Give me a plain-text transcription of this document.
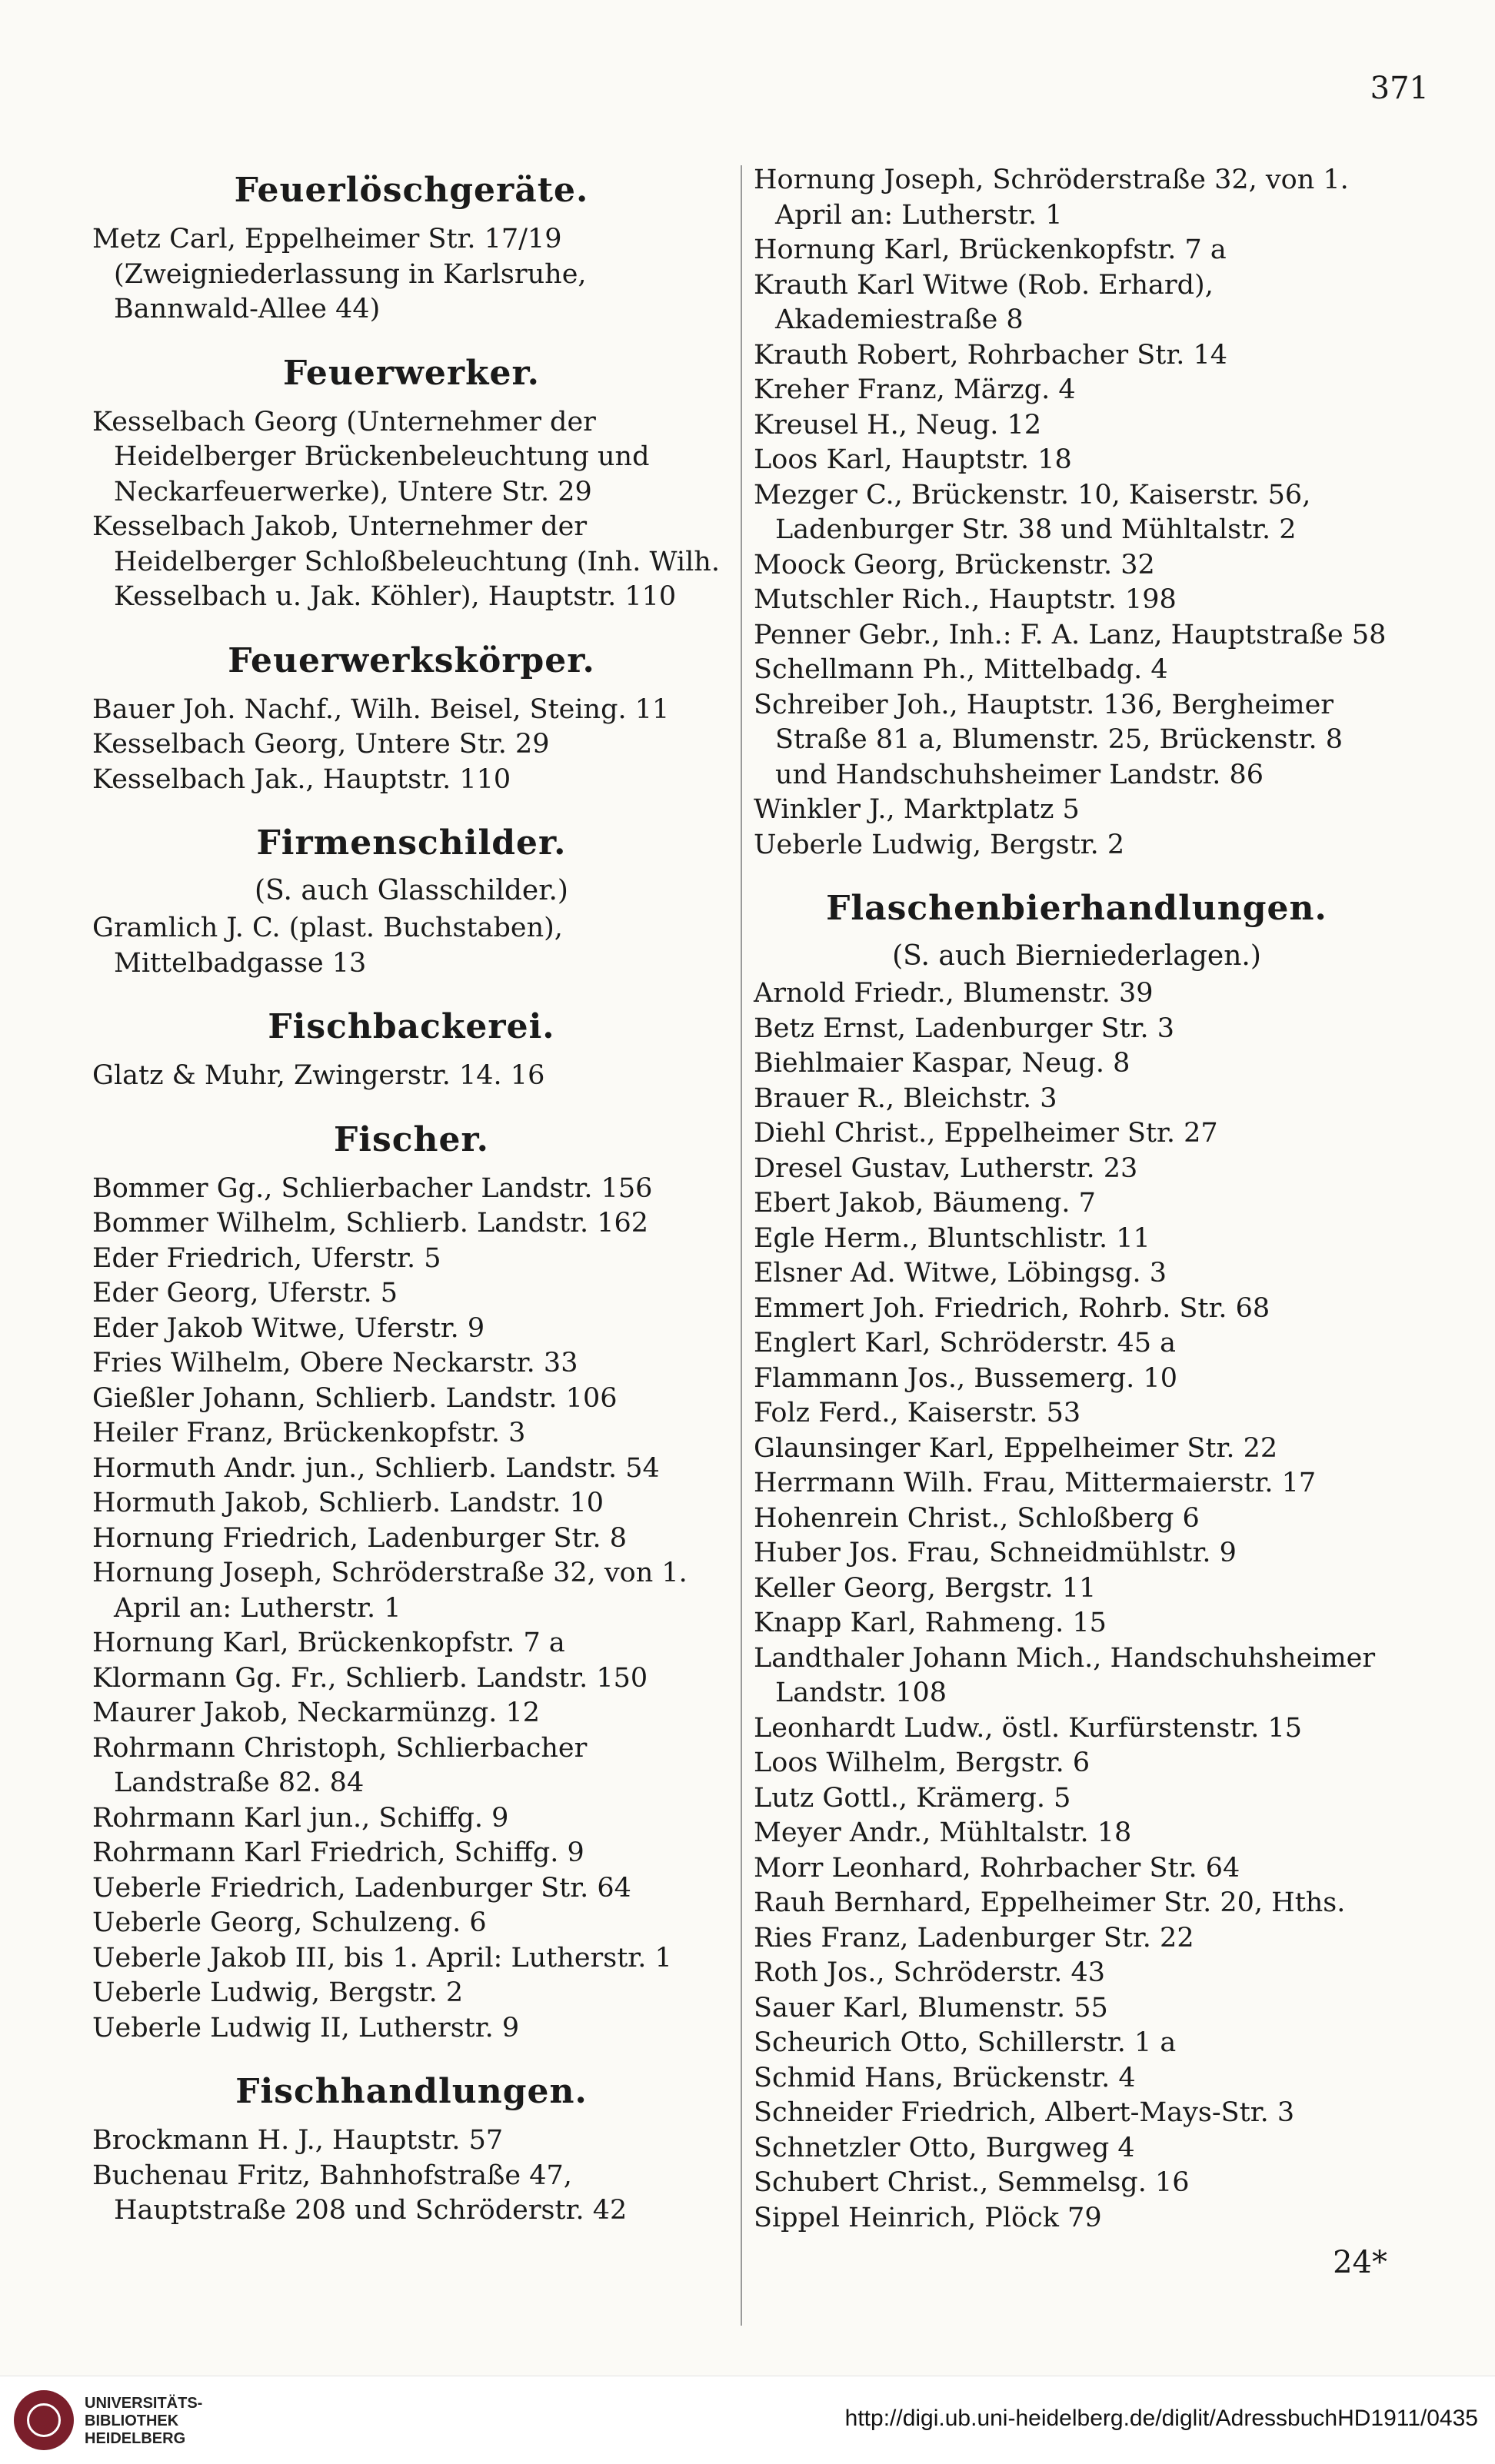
371
Feuerlöschgeräte.
Metz Carl, Eppelheimer Str. 17/19 (Zweigniederlassung in Karlsruhe, Bannwald-Allee 44)
Feuerwerker.
Kesselbach Georg (Unternehmer der Heidelberger Brückenbeleuchtung und Neckarfeuerwerke), Untere Str. 29
Kesselbach Jakob, Unternehmer der Heidelberger Schloßbeleuchtung (Inh. Wilh. Kesselbach u. Jak. Köhler), Hauptstr. 110
Feuerwerkskörper.
Bauer Joh. Nachf., Wilh. Beisel, Steing. 11
Kesselbach Georg, Untere Str. 29
Kesselbach Jak., Hauptstr. 110
Firmenschilder.
(S. auch Glasschilder.)
Gramlich J. C. (plast. Buchstaben), Mittelbadgasse 13
Fischbackerei.
Glatz & Muhr, Zwingerstr. 14. 16
Fischer.
Bommer Gg., Schlierbacher Landstr. 156
Bommer Wilhelm, Schlierb. Landstr. 162
Eder Friedrich, Uferstr. 5
Eder Georg, Uferstr. 5
Eder Jakob Witwe, Uferstr. 9
Fries Wilhelm, Obere Neckarstr. 33
Gießler Johann, Schlierb. Landstr. 106
Heiler Franz, Brückenkopfstr. 3
Hormuth Andr. jun., Schlierb. Landstr. 54
Hormuth Jakob, Schlierb. Landstr. 10
Hornung Friedrich, Ladenburger Str. 8
Hornung Joseph, Schröderstraße 32, von 1. April an: Lutherstr. 1
Hornung Karl, Brückenkopfstr. 7 a
Klormann Gg. Fr., Schlierb. Landstr. 150
Maurer Jakob, Neckarmünzg. 12
Rohrmann Christoph, Schlierbacher Landstraße 82. 84
Rohrmann Karl jun., Schiffg. 9
Rohrmann Karl Friedrich, Schiffg. 9
Ueberle Friedrich, Ladenburger Str. 64
Ueberle Georg, Schulzeng. 6
Ueberle Jakob III, bis 1. April: Lutherstr. 1
Ueberle Ludwig, Bergstr. 2
Ueberle Ludwig II, Lutherstr. 9
Fischhandlungen.
Brockmann H. J., Hauptstr. 57
Buchenau Fritz, Bahnhofstraße 47, Hauptstraße 208 und Schröderstr. 42
Hornung Joseph, Schröderstraße 32, von 1. April an: Lutherstr. 1
Hornung Karl, Brückenkopfstr. 7 a
Krauth Karl Witwe (Rob. Erhard), Akademiestraße 8
Krauth Robert, Rohrbacher Str. 14
Kreher Franz, Märzg. 4
Kreusel H., Neug. 12
Loos Karl, Hauptstr. 18
Mezger C., Brückenstr. 10, Kaiserstr. 56, Ladenburger Str. 38 und Mühltalstr. 2
Moock Georg, Brückenstr. 32
Mutschler Rich., Hauptstr. 198
Penner Gebr., Inh.: F. A. Lanz, Hauptstraße 58
Schellmann Ph., Mittelbadg. 4
Schreiber Joh., Hauptstr. 136, Bergheimer Straße 81 a, Blumenstr. 25, Brückenstr. 8 und Handschuhsheimer Landstr. 86
Winkler J., Marktplatz 5
Ueberle Ludwig, Bergstr. 2
Flaschenbierhandlungen.
(S. auch Bierniederlagen.)
Arnold Friedr., Blumenstr. 39
Betz Ernst, Ladenburger Str. 3
Biehlmaier Kaspar, Neug. 8
Brauer R., Bleichstr. 3
Diehl Christ., Eppelheimer Str. 27
Dresel Gustav, Lutherstr. 23
Ebert Jakob, Bäumeng. 7
Egle Herm., Bluntschlistr. 11
Elsner Ad. Witwe, Löbingsg. 3
Emmert Joh. Friedrich, Rohrb. Str. 68
Englert Karl, Schröderstr. 45 a
Flammann Jos., Bussemerg. 10
Folz Ferd., Kaiserstr. 53
Glaunsinger Karl, Eppelheimer Str. 22
Herrmann Wilh. Frau, Mittermaierstr. 17
Hohenrein Christ., Schloßberg 6
Huber Jos. Frau, Schneidmühlstr. 9
Keller Georg, Bergstr. 11
Knapp Karl, Rahmeng. 15
Landthaler Johann Mich., Handschuhsheimer Landstr. 108
Leonhardt Ludw., östl. Kurfürstenstr. 15
Loos Wilhelm, Bergstr. 6
Lutz Gottl., Krämerg. 5
Meyer Andr., Mühltalstr. 18
Morr Leonhard, Rohrbacher Str. 64
Rauh Bernhard, Eppelheimer Str. 20, Hths.
Ries Franz, Ladenburger Str. 22
Roth Jos., Schröderstr. 43
Sauer Karl, Blumenstr. 55
Scheurich Otto, Schillerstr. 1 a
Schmid Hans, Brückenstr. 4
Schneider Friedrich, Albert-Mays-Str. 3
Schnetzler Otto, Burgweg 4
Schubert Christ., Semmelsg. 16
Sippel Heinrich, Plöck 79
24*
UNIVERSITÄTS-
BIBLIOTHEK
HEIDELBERG
http://digi.ub.uni-heidelberg.de/diglit/AdressbuchHD1911/0435
